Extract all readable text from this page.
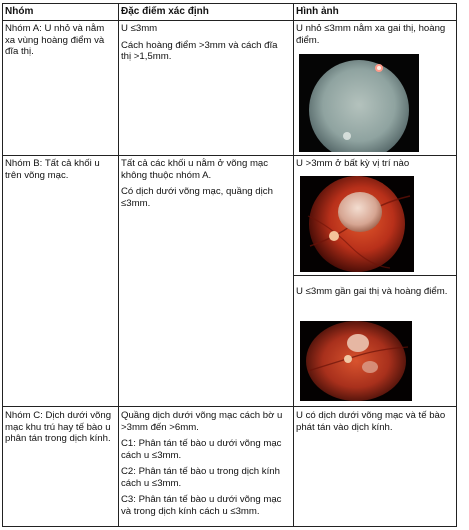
Nhóm	Đặc điểm xác định	Hình ảnh

Nhóm A: U nhỏ và nằm xa vùng hoàng điểm và đĩa thị.

U ≤3mm

Cách hoàng điểm >3mm và cách đĩa thị >1,5mm.

U nhỏ ≤3mm nằm xa gai thị, hoàng điểm.

Nhóm B: Tất cả khối u trên võng mạc.

Tất cả các khối u nằm ở võng mạc không thuộc nhóm A.

Có dịch dưới võng mạc, quầng dịch ≤3mm.

U >3mm ở bất kỳ vị trí nào

U ≤3mm gần gai thị và hoàng điểm.

Nhóm C: Dịch dưới võng mạc khu trú hay tế bào u phân tán trong dịch kính.

Quầng dịch dưới võng mạc cách bờ u >3mm đến >6mm.

C1: Phân tán tế bào u dưới võng mạc cách u ≤3mm.

C2: Phân tán tế bào u trong dịch kính cách u ≤3mm.

C3: Phân tán tế bào u dưới võng mạc và trong dịch kính cách u ≤3mm.

U có dịch dưới võng mạc và tế bào phát tán vào dịch kính.
